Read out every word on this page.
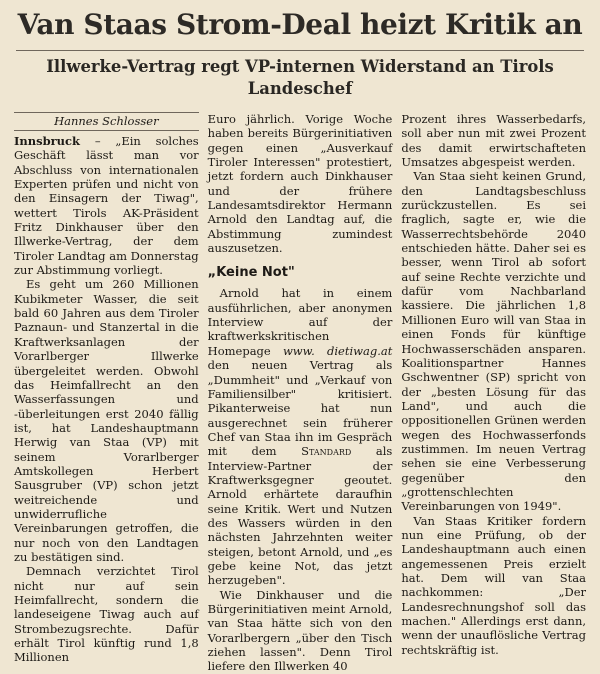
Van Staas Strom-Deal heizt Kritik an
Illwerke-Vertrag regt VP-internen Widerstand an Tirols Landeschef
Hannes Schlosser

Innsbruck – „Ein solches Geschäft lässt man vor Abschluss von internationalen Experten prüfen und nicht von den Einsagern der Tiwag", wettert Tirols AK-Präsident Fritz Dinkhauser über den Illwerke-Vertrag, der dem Tiroler Landtag am Donnerstag zur Abstimmung vorliegt.

Es geht um 260 Millionen Kubikmeter Wasser, die seit bald 60 Jahren aus dem Tiroler Paznaun- und Stanzertal in die Kraftwerksanlagen der Vorarlberger Illwerke übergeleitet werden. Obwohl das Heimfallrecht an den Wasserfassungen und -überleitungen erst 2040 fällig ist, hat Landeshauptmann Herwig van Staa (VP) mit seinem Vorarlberger Amtskollegen Herbert Sausgruber (VP) schon jetzt weitreichende und unwiderrufliche Vereinbarungen getroffen, die nur noch von den Landtagen zu bestätigen sind.

Demnach verzichtet Tirol nicht nur auf sein Heimfallrecht, sondern die landeseigene Tiwag auch auf Strombezugsrechte. Dafür erhält Tirol künftig rund 1,8 Millionen

Euro jährlich. Vorige Woche haben bereits Bürgerinitiativen gegen einen „Ausverkauf Tiroler Interessen" protestiert, jetzt fordern auch Dinkhauser und der frühere Landesamtsdirektor Hermann Arnold den Landtag auf, die Abstimmung zumindest auszusetzen.

„Keine Not"

Arnold hat in einem ausführlichen, aber anonymen Interview auf der kraftwerkskritischen Homepage www. dietiwag.at den neuen Vertrag als „Dummheit" und „Verkauf von Familiensilber" kritisiert. Pikanterweise hat nun ausgerechnet sein früherer Chef van Staa ihn im Gespräch mit dem Standard als Interview-Partner der Kraftwerksgegner geoutet. Arnold erhärtete daraufhin seine Kritik. Wert und Nutzen des Wassers würden in den nächsten Jahrzehnten weiter steigen, betont Arnold, und „es gebe keine Not, das jetzt herzugeben".

Wie Dinkhauser und die Bürgerinitiativen meint Arnold, van Staa hätte sich von den Vorarlbergern „über den Tisch ziehen lassen". Denn Tirol liefere den Illwerken 40

Prozent ihres Wasserbedarfs, soll aber nun mit zwei Prozent des damit erwirtschafteten Umsatzes abgespeist werden.

Van Staa sieht keinen Grund, den Landtagsbeschluss zurückzustellen. Es sei fraglich, sagte er, wie die Wasserrechtsbehörde 2040 entschieden hätte. Daher sei es besser, wenn Tirol ab sofort auf seine Rechte verzichte und dafür vom Nachbarland kassiere. Die jährlichen 1,8 Millionen Euro will van Staa in einen Fonds für künftige Hochwasserschäden ansparen. Koalitionspartner Hannes Gschwentner (SP) spricht von der „besten Lösung für das Land", und auch die oppositionellen Grünen werden wegen des Hochwasserfonds zustimmen. Im neuen Vertrag sehen sie eine Verbesserung gegenüber den „grottenschlechten Vereinbarungen von 1949".

Van Staas Kritiker fordern nun eine Prüfung, ob der Landeshauptmann auch einen angemessenen Preis erzielt hat. Dem will van Staa nachkommen: „Der Landesrechnungshof soll das machen." Allerdings erst dann, wenn der unauflösliche Vertrag rechtskräftig ist.
